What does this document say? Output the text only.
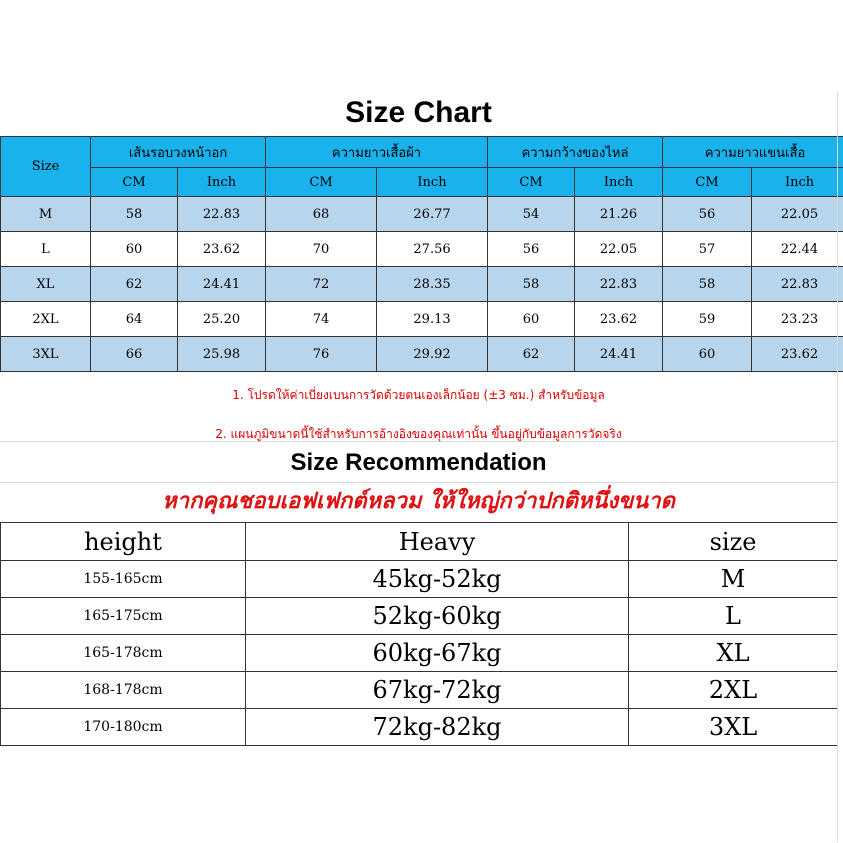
Size Chart
Size	เส้นรอบวงหน้าอก		ความยาวเสื้อผ้า		ความกว้างของไหล่		ความยาวแขนเสื้อ	
	CM	Inch	CM	Inch	CM	Inch	CM	Inch
M	58	22.83	68	26.77	54	21.26	56	22.05
L	60	23.62	70	27.56	56	22.05	57	22.44
XL	62	24.41	72	28.35	58	22.83	58	22.83
2XL	64	25.20	74	29.13	60	23.62	59	23.23
3XL	66	25.98	76	29.92	62	24.41	60	23.62
1. โปรดให้ค่าเบี่ยงเบนการวัดด้วยตนเองเล็กน้อย (±3 ซม.) สำหรับข้อมูล
2. แผนภูมิขนาดนี้ใช้สำหรับการอ้างอิงของคุณเท่านั้น ขึ้นอยู่กับข้อมูลการวัดจริง
Size Recommendation
หากคุณชอบเอฟเฟกต์หลวม ให้ใหญ่กว่าปกติหนึ่งขนาด
height	Heavy	size
155-165cm	45kg-52kg	M
165-175cm	52kg-60kg	L
165-178cm	60kg-67kg	XL
168-178cm	67kg-72kg	2XL
170-180cm	72kg-82kg	3XL
